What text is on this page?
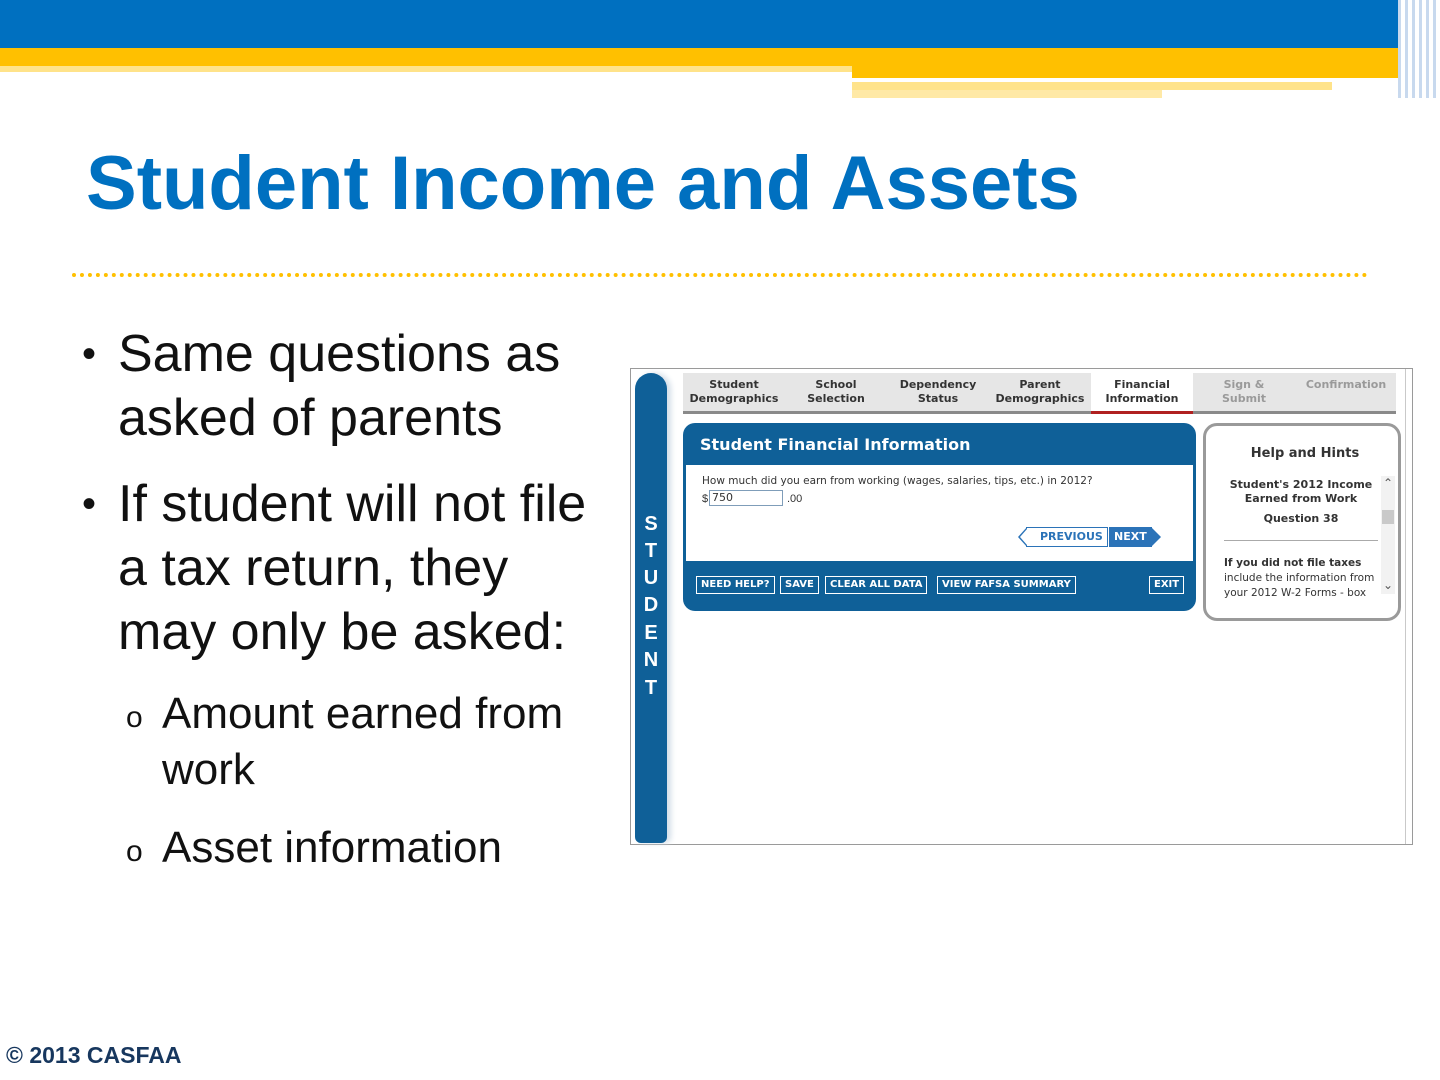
Student Income and Assets
• Same questions as
asked of parents
• If student will not file
a tax return, they
may only be asked:
o Amount earned from
work
o Asset information
S
T
U
D
E
N
T
Student
Demographics
School
Selection
Dependency
Status
Parent
Demographics
Financial
Information
Sign &
Submit
Confirmation
Student Financial Information
How much did you earn from working (wages, salaries, tips, etc.) in 2012?
$ 750	.00
PREVIOUS	NEXT
NEED HELP?	SAVE	CLEAR ALL DATA	VIEW FAFSA SUMMARY	EXIT
Help and Hints
Student's 2012 Income
Earned from Work
Question 38
If you did not file taxes
include the information from
your 2012 W-2 Forms - box
⌃
⌄
© 2013 CASFAA
